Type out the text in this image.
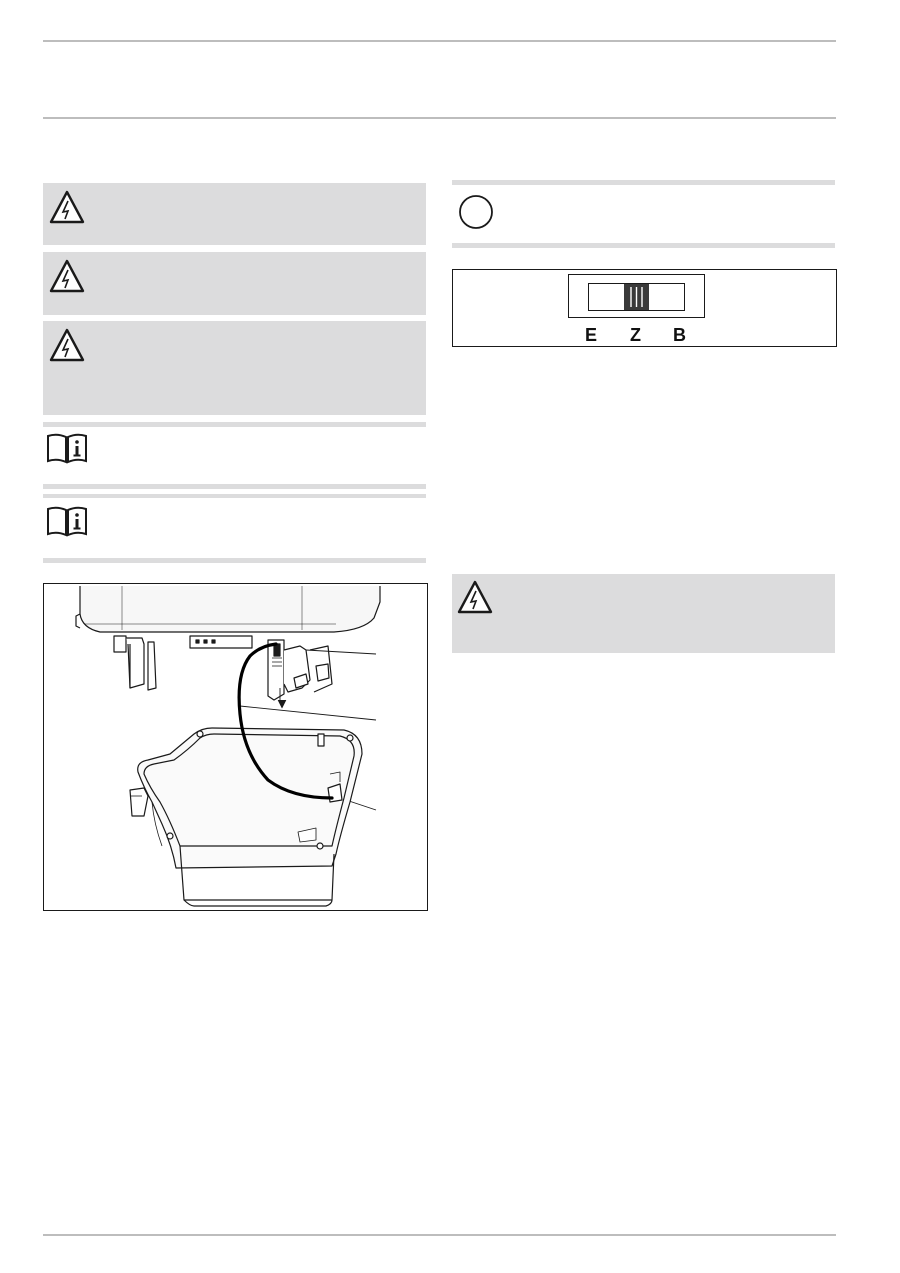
E Z B
